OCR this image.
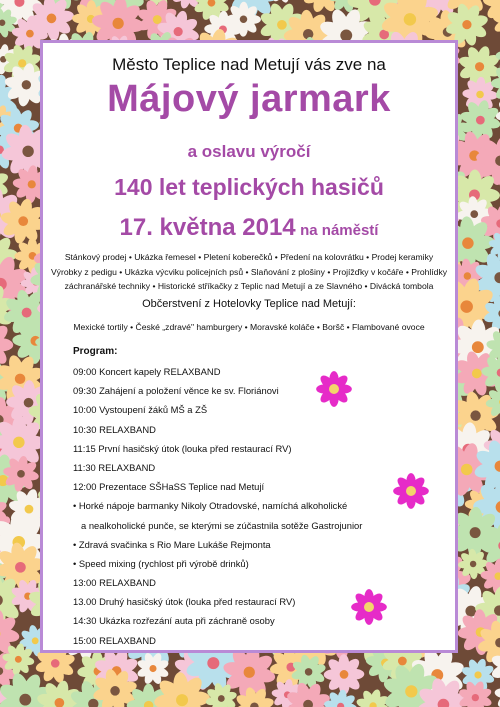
Město Teplice nad Metují vás zve na
Májový jarmark
a oslavu výročí
140 let teplických hasičů
17. května 2014 na náměstí
Stánkový prodej • Ukázka řemesel • Pletení koberečků • Předení na kolovrátku • Prodej keramiky
Výrobky z pedigu • Ukázka výcviku policejních psů • Slaňování z plošiny • Projížďky v kočáře • Prohlídky
záchranářské techniky • Historické stříkačky z Teplic nad Metují a ze Slavného • Divácká tombola
Občerstvení z Hotelovky Teplice nad Metují:
Mexické tortily • České „zdravé" hamburgery • Moravské koláče • Boršč • Flambované ovoce
Program:
09:00 Koncert kapely RELAXBAND
09:30 Zahájení a položení věnce ke sv. Floriánovi
10:00 Vystoupení žáků MŠ a ZŠ
10:30 RELAXBAND
11:15 První hasičský útok (louka před restaurací RV)
11:30 RELAXBAND
12:00 Prezentace SŠHaSS Teplice nad Metují
• Horké nápoje barmanky Nikoly Otradovské, namíchá alkoholické
a nealkoholické punče, se kterými se zúčastnila sotěže Gastrojunior
• Zdravá svačinka s Rio Mare Lukáše Rejmonta
• Speed mixing (rychlost při výrobě drinků)
13:00 RELAXBAND
13.00 Druhý hasičský útok (louka před restaurací RV)
14:30 Ukázka rozřezání auta při záchraně osoby
15:00 RELAXBAND
